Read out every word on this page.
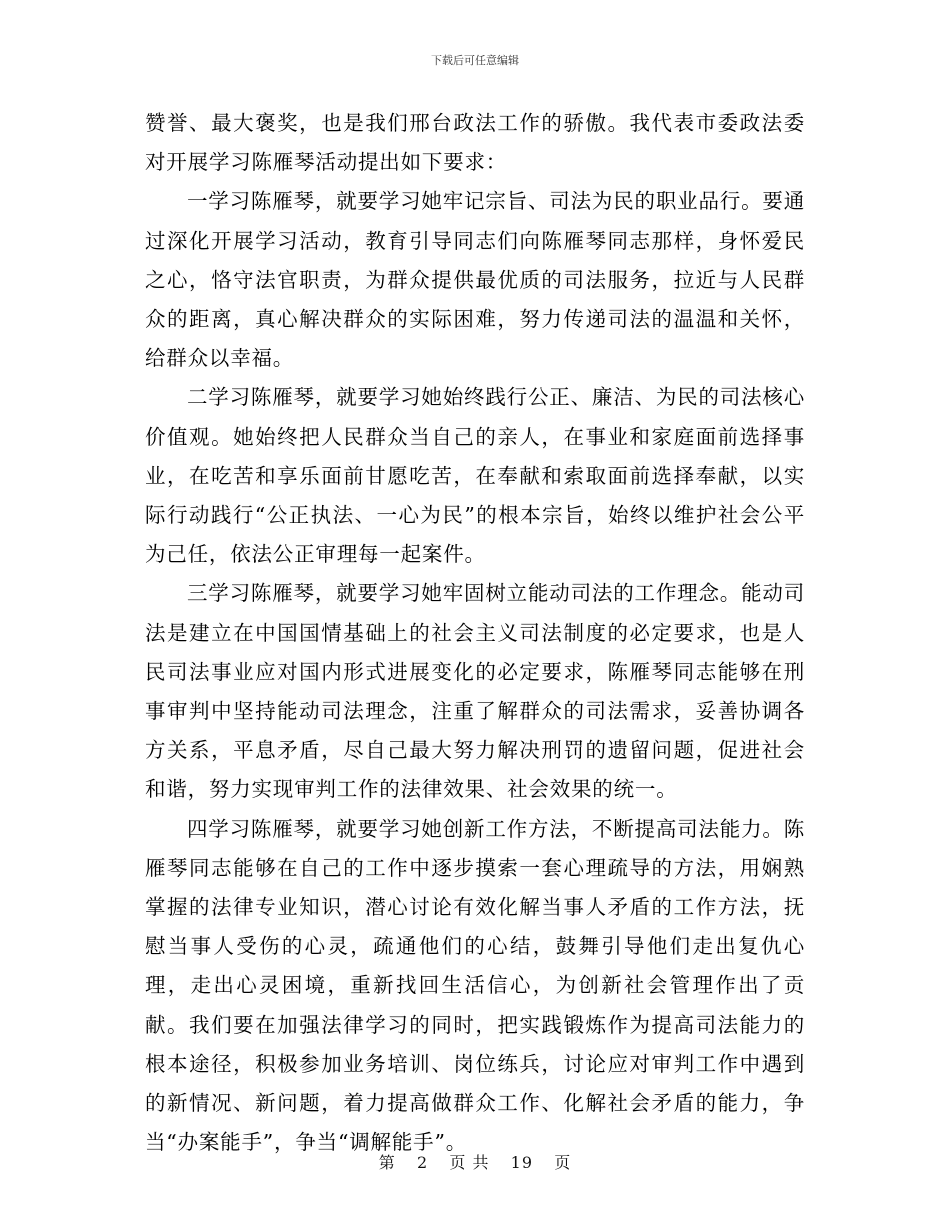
下载后可任意编辑

赞誉、最大褒奖，也是我们邢台政法工作的骄傲。我代表市委政法委对开展学习陈雁琴活动提出如下要求：

一学习陈雁琴，就要学习她牢记宗旨、司法为民的职业品行。要通过深化开展学习活动，教育引导同志们向陈雁琴同志那样，身怀爱民之心，恪守法官职责，为群众提供最优质的司法服务，拉近与人民群众的距离，真心解决群众的实际困难，努力传递司法的温温和关怀，给群众以幸福。

二学习陈雁琴，就要学习她始终践行公正、廉洁、为民的司法核心价值观。她始终把人民群众当自己的亲人，在事业和家庭面前选择事业，在吃苦和享乐面前甘愿吃苦，在奉献和索取面前选择奉献，以实际行动践行“公正执法、一心为民”的根本宗旨，始终以维护社会公平为己任，依法公正审理每一起案件。

三学习陈雁琴，就要学习她牢固树立能动司法的工作理念。能动司法是建立在中国国情基础上的社会主义司法制度的必定要求，也是人民司法事业应对国内形式进展变化的必定要求，陈雁琴同志能够在刑事审判中坚持能动司法理念，注重了解群众的司法需求，妥善协调各方关系，平息矛盾，尽自己最大努力解决刑罚的遗留问题，促进社会和谐，努力实现审判工作的法律效果、社会效果的统一。

四学习陈雁琴，就要学习她创新工作方法，不断提高司法能力。陈雁琴同志能够在自己的工作中逐步摸索一套心理疏导的方法，用娴熟掌握的法律专业知识，潜心讨论有效化解当事人矛盾的工作方法，抚慰当事人受伤的心灵，疏通他们的心结，鼓舞引导他们走出复仇心理，走出心灵困境，重新找回生活信心，为创新社会管理作出了贡献。我们要在加强法律学习的同时，把实践锻炼作为提高司法能力的根本途径，积极参加业务培训、岗位练兵，讨论应对审判工作中遇到的新情况、新问题，着力提高做群众工作、化解社会矛盾的能力，争当“办案能手”，争当“调解能手”。

第 2 页 共 19 页
